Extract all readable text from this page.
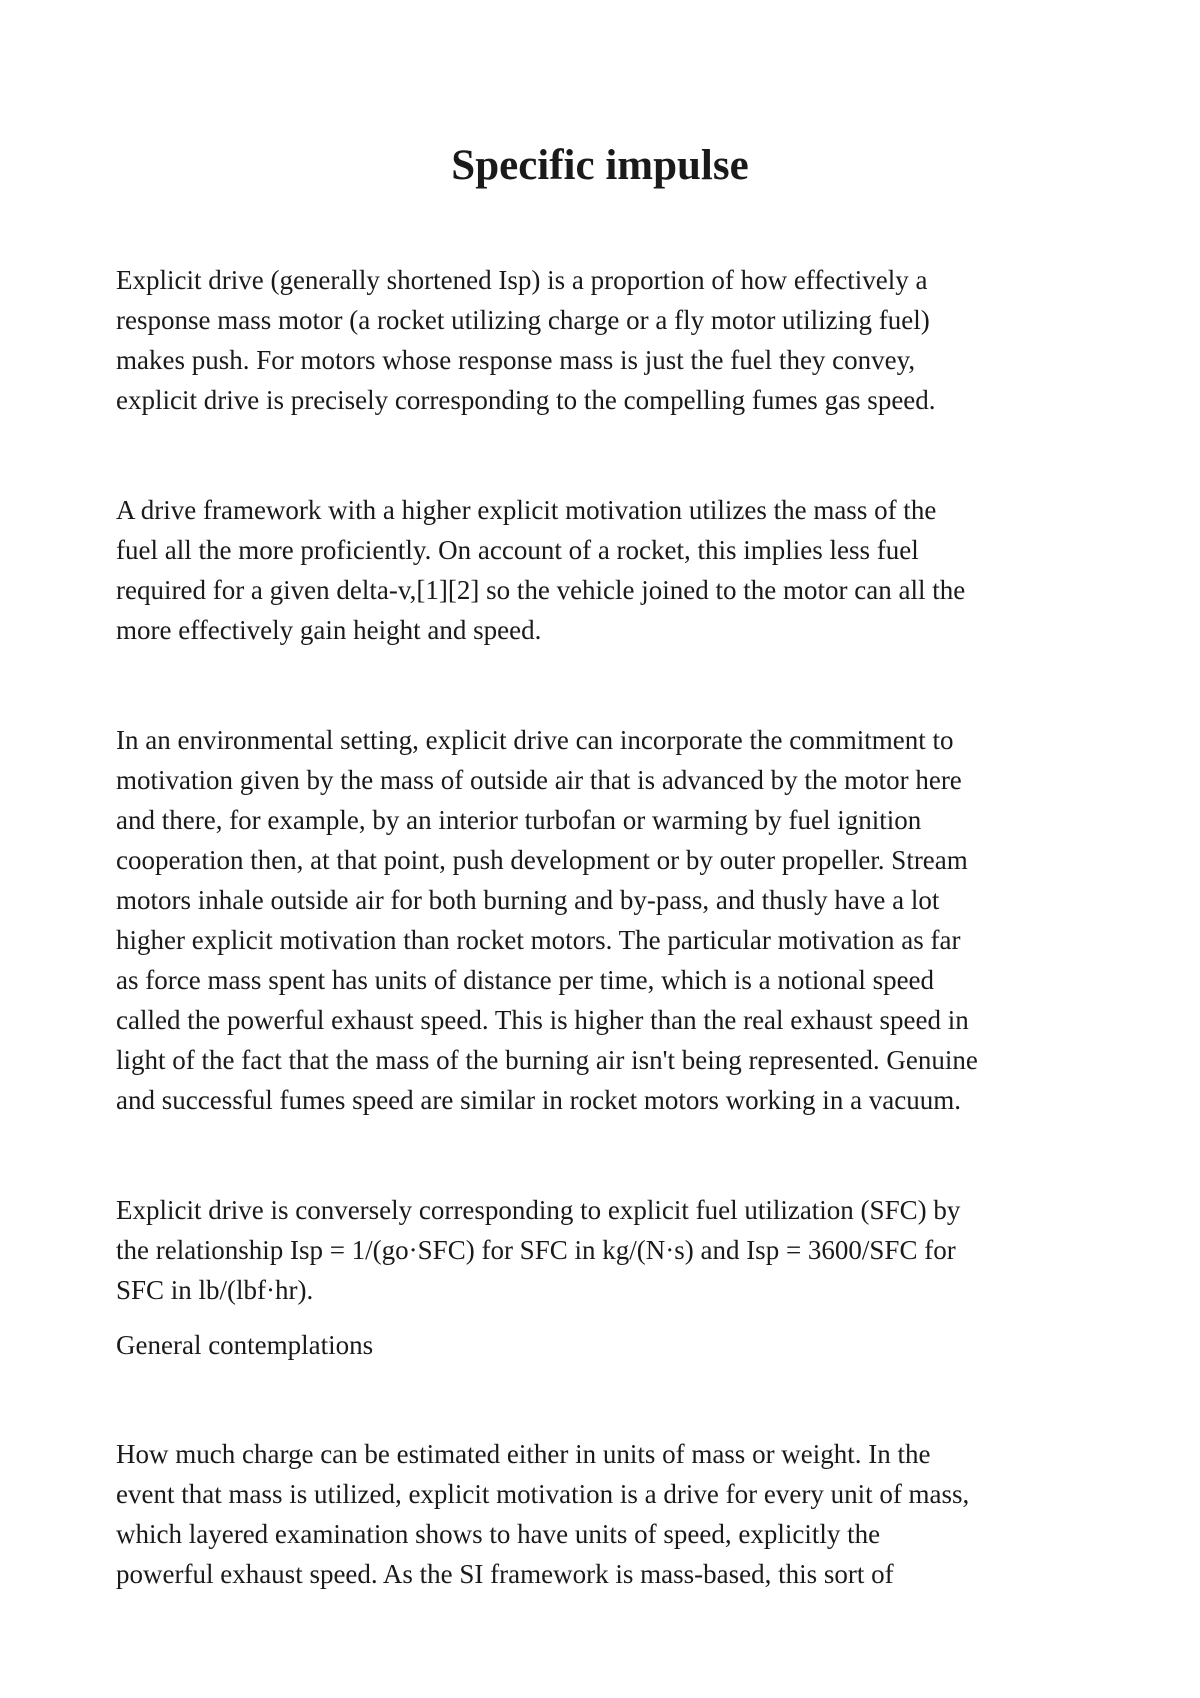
Specific impulse
Explicit drive (generally shortened Isp) is a proportion of how effectively a
response mass motor (a rocket utilizing charge or a fly motor utilizing fuel)
makes push. For motors whose response mass is just the fuel they convey,
explicit drive is precisely corresponding to the compelling fumes gas speed.
A drive framework with a higher explicit motivation utilizes the mass of the
fuel all the more proficiently. On account of a rocket, this implies less fuel
required for a given delta-v,[1][2] so the vehicle joined to the motor can all the
more effectively gain height and speed.
In an environmental setting, explicit drive can incorporate the commitment to
motivation given by the mass of outside air that is advanced by the motor here
and there, for example, by an interior turbofan or warming by fuel ignition
cooperation then, at that point, push development or by outer propeller. Stream
motors inhale outside air for both burning and by-pass, and thusly have a lot
higher explicit motivation than rocket motors. The particular motivation as far
as force mass spent has units of distance per time, which is a notional speed
called the powerful exhaust speed. This is higher than the real exhaust speed in
light of the fact that the mass of the burning air isn't being represented. Genuine
and successful fumes speed are similar in rocket motors working in a vacuum.
Explicit drive is conversely corresponding to explicit fuel utilization (SFC) by
the relationship Isp = 1/(go·SFC) for SFC in kg/(N·s) and Isp = 3600/SFC for
SFC in lb/(lbf·hr).
General contemplations
How much charge can be estimated either in units of mass or weight. In the
event that mass is utilized, explicit motivation is a drive for every unit of mass,
which layered examination shows to have units of speed, explicitly the
powerful exhaust speed. As the SI framework is mass-based, this sort of
